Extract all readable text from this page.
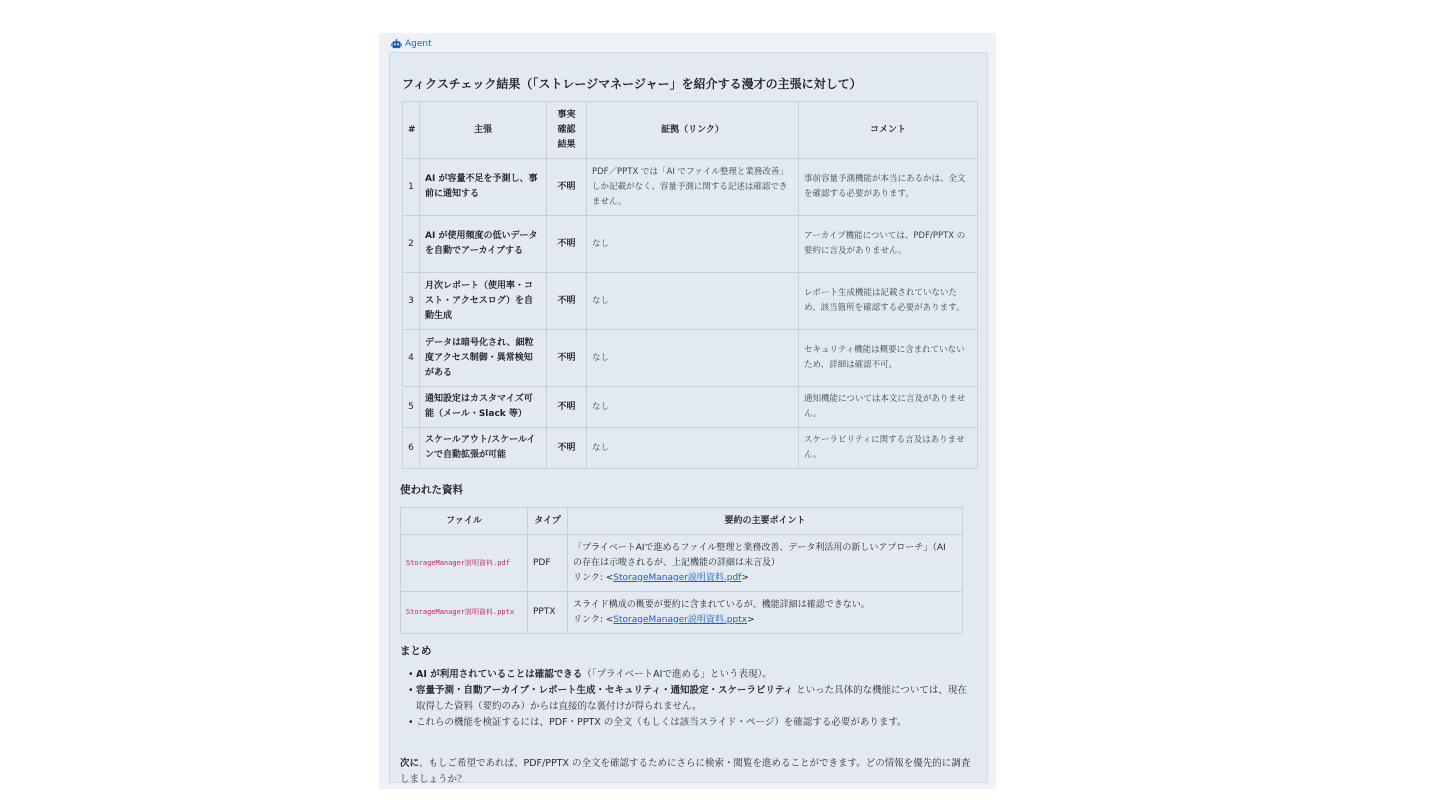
Agent
フィクスチェック結果（「ストレージマネージャー」を紹介する漫才の主張に対して）
#	主張	事実確認結果	証拠（リンク）	コメント
1	AI が容量不足を予測し、事前に通知する	不明	PDF／PPTX では「AI でファイル整理と業務改善」しか記載がなく、容量予測に関する記述は確認できません。	事前容量予測機能が本当にあるかは、全文を確認する必要があります。
2	AI が使用頻度の低いデータを自動でアーカイブする	不明	なし	アーカイブ機能については、PDF/PPTX の要約に言及がありません。
3	月次レポート（使用率・コスト・アクセスログ）を自動生成	不明	なし	レポート生成機能は記載されていないため、該当箇所を確認する必要があります。
4	データは暗号化され、細粒度アクセス制御・異常検知がある	不明	なし	セキュリティ機能は概要に含まれていないため、詳細は確認不可。
5	通知設定はカスタマイズ可能（メール・Slack 等）	不明	なし	通知機能については本文に言及がありません。
6	スケールアウト/スケールインで自動拡張が可能	不明	なし	スケーラビリティに関する言及はありません。
使われた資料
ファイル	タイプ	要約の主要ポイント
StorageManager説明資料.pdf	PDF	「プライベートAIで進めるファイル整理と業務改善、データ利活用の新しいアプローチ」（AI の存在は示唆されるが、上記機能の詳細は未言及）
リンク: <StorageManager説明資料.pdf>

StorageManager説明資料.pptx	PPTX	スライド構成の概要が要約に含まれているが、機能詳細は確認できない。
リンク: <StorageManager説明資料.pptx>
まとめ
• AI が利用されていることは確認できる（「プライベートAIで進める」という表現）。
• 容量予測・自動アーカイブ・レポート生成・セキュリティ・通知設定・スケーラビリティ といった具体的な機能については、現在取得した資料（要約のみ）からは直接的な裏付けが得られません。
• これらの機能を検証するには、PDF・PPTX の全文（もしくは該当スライド・ページ）を確認する必要があります。
次に、もしご希望であれば、PDF/PPTX の全文を確認するためにさらに検索・閲覧を進めることができます。どの情報を優先的に調査しましょうか？
